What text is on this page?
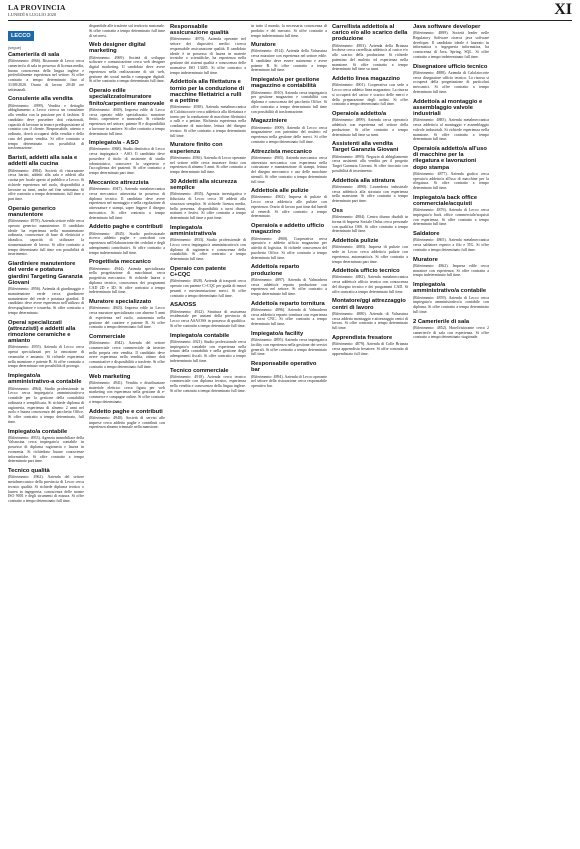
LA PROVINCIA
LUNEDÌ 6 LUGLIO 2020	XI
LECCO
(segue)
Camerieri/a di sala

(Riferimento: 4966). Ristorante di Lecco cerca camerieri/a di sala in possesso di licenza media, buona conoscenza della lingua inglese e preferibilmente esperienza nel settore. Si offre contratto a tempo determinato fino al 31/08/2020. Orario di lavoro 20/40 ore settimanali.

Consulente alla vendita

(Riferimento: 4999). Vendita e dettaglio abbigliamento a Lecco ricerca un consulente alla vendita con la passione per il fashion. Il candidato deve possedere doti relazionali, capacità di lavorare in team e predisposizione al contatto con il cliente. Responsabile, attento e ordinato, dovrà occuparsi della vendita e della cura del punto vendita. Si offre contratto a tempo determinato con possibilità di trasformazione.

Baristi, addetti alla sala e addetti alla cucina

(Riferimento: 4984). Società di ristorazione cerca baristi, addetti alla sala e addetti alla cucina per locale aperto al pubblico a Lecco. Si richiede esperienza nel ruolo, disponibilità a lavorare su turni, anche nel fine settimana. Si offre contratto a tempo determinato, full time o part time.

Operaio generico manutentore

(Riferimento: 4978). Azienda settore edile cerca operaio generico manutentore. Il candidato ideale ha esperienza nella manutenzione ordinaria, conoscenze di base di elettricità e idraulica, capacità di utilizzare la strumentazione di lavoro. Si offre contratto a tempo determinato full time con possibilità di inserimento.

Giardiniere manutentore del verde e potatura giardini Targeting Garanzia Giovani

(Riferimento: 4956). Azienda di giardinaggio e manutenzione verde cerca giardiniere manutentore del verde e potatura giardini. Il candidato deve avere esperienza nell'utilizzo di decespugliatore e tosaerba. Si offre contratto a tempo determinato.

Operai specializzati (attrezzisti) e addetti alla rimozione ceramiche e amianto

(Riferimento: 4955). Azienda di Lecco cerca operai specializzati per la rimozione di ceramiche e amianto. Si richiede esperienza nella mansione e patente B. Si offre contratto a tempo determinato con possibilità di proroga.

Impiegato/a amministrativo-a contabile

(Riferimento: 4964). Studio professionale in Lecco cerca impiegato/a amministrativo-a contabile per la gestione della contabilità ordinaria e semplificata. Si richiede diploma di ragioneria, esperienza di almeno 2 anni nel ruolo e buona conoscenza del pacchetto Office. Si offre contratto a tempo determinato, full time.

Impiegato/a contabile

(Riferimento: 4953). Agenzia immobiliare della Valsassina cerca impiegato/a contabile in possesso di diploma ragioneria e laurea in economia. Si richiedono buone conoscenze informatiche. Si offre contratto a tempo determinato part time.

Tecnico qualità

(Riferimento: 4962). Azienda del settore metalmeccanico della provincia di Lecco cerca tecnico qualità. Si richiede diploma tecnico o laurea in ingegneria, conoscenza delle norme ISO 9001 e degli strumenti di misura. Si offre contratto a tempo determinato full time.

disponibile alle trasferte sul territorio nazionale. Si offre contratto a tempo determinato full time di sei mesi.

Web designer digital marketing

(Riferimento: 4969). Società di sviluppo software e comunicazione cerca web designer digital marketing. Il candidato deve avere esperienza nella realizzazione di siti web, gestione dei social media e campagne digitali. Si offre contratto a tempo determinato full time.

Operaio edile specializzato/muratore finito/carpentiere manovale

(Riferimento: 4949). Impresa edile di Lecco cerca operaio edile specializzato, muratore finito, carpentiere o manovale. Si richiede esperienza nel settore, patente B e disponibilità a lavorare in cantiere. Si offre contratto a tempo determinato full time.

Impiegato/a - ASO

(Riferimento: 4968). Studio dentistico di Lecco cerca impiegato/a - ASO. Il candidato deve possedere il titolo di assistente di studio odontoiatrico, conoscere la segreteria e l'accoglienza dei pazienti. Si offre contratto a tempo determinato part time.

Meccanico attrezzista

(Riferimento: 4947). Azienda metalmeccanica cerca meccanico attrezzista in possesso di diploma tecnico. Il candidato deve avere esperienza nel montaggio e nella regolazione di attrezzature e stampi, saper leggere il disegno meccanico. Si offre contratto a tempo determinato full time.

Addetto paghe e contributi

(Riferimento: 4945). Studio professionale ricerca addetto paghe e contributi con esperienza nell'elaborazione dei cedolini e degli adempimenti contributivi. Si offre contratto a tempo indeterminato full time.

Progettista meccanico

(Riferimento: 4944). Azienda specializzata nella progettazione di macchinari cerca progettista meccanico. Si richiede laurea o diploma tecnico, conoscenza dei programmi CAD 2D e 3D. Si offre contratto a tempo indeterminato full time.

Muratore specializzato

(Riferimento: 4943). Impresa edile in Lecco cerca muratore specializzato con almeno 5 anni di esperienza nel ruolo, autonomia nella gestione del cantiere e patente B. Si offre contratto a tempo determinato full time.

Commerciale

(Riferimento: 4942). Azienda del settore commerciale cerca commerciale da inserire nella propria rete vendita. Il candidato deve avere esperienza nella vendita, ottime doti comunicative e disponibilità a trasferte. Si offre contratto a tempo determinato full time.

Web marketing

(Riferimento: 4941). Vendita e distribuzione materiale elettrico cerca figura per web marketing con esperienza nella gestione di e-commerce e campagne online. Si offre contratto a tempo determinato.

Addetto paghe e contributi

(Riferimento: 4940). Società di servizi alle imprese cerca addetto paghe e contributi con esperienza almeno triennale nella mansione.

Responsabile assicurazione qualità

(Riferimento: 4970). Azienda operante nel settore dei dispositivi medici ricerca responsabile assicurazione qualità. Il candidato ideale è in possesso di laurea in materie tecniche o scientifiche, ha esperienza nella gestione dei sistemi qualità e conoscenza delle normative ISO 13485. Si offre contratto a tempo indeterminato full time.

Addetto/a alla filettatura e tornio per la conduzione di macchine filettatrici a rulli e a pettine

(Riferimento: 4938). Azienda metalmeccanica di Calolziocorte cerca addetto/a alla filettatura e tornio per la conduzione di macchine filettatrici a rulli e a pettine. Richiesta esperienza nella conduzione di macchine, lettura del disegno tecnico. Si offre contratto a tempo determinato full time.

Muratore finito con esperienza

(Riferimento: 4936). Azienda di Lecco operante nel settore edile cerca muratore finito con esperienza di almeno 5 anni. Si offre contratto a tempo determinato full time.

30 Addetti alla sicurezza semplice

(Riferimento: 4935). Agenzia investigativa e fiduciaria di Lecco cerca 30 addetti alla sicurezza semplice. Si richiede licenza media, bella presenza, disponibilità a turni diurni, notturni e festivi. Si offre contratto a tempo determinato full time o part time.

Impiegato/a amministrativo/a

(Riferimento: 4933). Studio professionale di Lecco cerca impiegato/a amministrativo/a con diploma di ragioneria e conoscenza della contabilità. Si offre contratto a tempo determinato full time.

Operaio con patente C+CQC

(Riferimento: 4928). Azienda di trasporti cerca operaio con patente C+CQC per guida di mezzi pesanti e movimentazione merci. Si offre contratto a tempo determinato full time.

ASA/OSS

(Riferimento: 4922). Struttura di assistenza residenziale per anziani della provincia di Lecco cerca ASA/OSS in possesso di qualifica. Si offre contratto a tempo determinato full time.

Impiegato/a contabile

(Riferimento: 4921). Studio professionale cerca impiegato/a contabile con esperienza nella tenuta della contabilità e nella gestione degli adempimenti fiscali. Si offre contratto a tempo indeterminato full time.

Tecnico commerciale

(Riferimento: 4918). Azienda cerca tecnico commerciale con diploma tecnico, esperienza nella vendita e conoscenza della lingua inglese. Si offre contratto a tempo determinato full time.

in tutto il mondo, la necessaria conoscenza di prodotto e del mercato. Si offre contratto a tempo indeterminato full time.

Muratore

(Riferimento: 4914). Azienda della Valsassina cerca muratore con esperienza nel settore edile. Il candidato deve essere autonomo e avere patente B. Si offre contratto a tempo determinato full time.

Impiegato/a per gestione magazzino e contabilità

(Riferimento: 4910). Azienda cerca impiegato/a per gestione magazzino e contabilità con diploma e conoscenza del pacchetto Office. Si offre contratto a tempo determinato full time con possibilità di trasformazione.

Magazziniere

(Riferimento: 4909). Azienda di Lecco cerca magazziniere con patentino del muletto ed esperienza nella gestione delle merci. Si offre contratto a tempo determinato full time.

Attrezzista meccanico

(Riferimento: 4905). Azienda meccanica cerca attrezzista meccanico con esperienza nella costruzione e manutenzione di stampi, lettura del disegno meccanico e uso delle macchine utensili. Si offre contratto a tempo determinato full time.

Addetto/a alle pulizie

(Riferimento: 4902). Impresa di pulizie di Lecco cerca addetto/a alle pulizie con esperienza. Orario di lavoro part time dal lunedì al venerdì. Si offre contratto a tempo determinato.

Operaio/a e addetto ufficio magazzino

(Riferimento: 4900). Cooperativa cerca operaio/a e addetto ufficio magazzino per attività di logistica. Si richiede conoscenza del pacchetto Office. Si offre contratto a tempo determinato full time.

Addetto/a reparto produzione

(Riferimento: 4897). Azienda di Valmadrera cerca addetto/a reparto produzione con esperienza nel settore. Si offre contratto a tempo determinato full time.

Addetto/a reparto tornitura

(Riferimento: 4896). Azienda di Valmadrera cerca addetto/a reparto tornitura con esperienza su torni CNC. Si offre contratto a tempo determinato full time.

Impiegato/a facility

(Riferimento: 4895). Azienda cerca impiegato/a facility con esperienza nella gestione dei servizi generali. Si offre contratto a tempo determinato full time.

Responsabile operativo bar

(Riferimento: 4894). Azienda di Lecco operante nel settore della ristorazione cerca responsabile operativo bar.

Carrellista addetto/a al carico e/o allo scarico della produzione

(Riferimento: 4903). Azienda della Brianza lecchese cerca carrellista addetto/a al carico e/o allo scarico della produzione. Si richiede patentino del muletto ed esperienza nella mansione. Si offre contratto a tempo determinato full time su turni.

Addetto linea magazzino

(Riferimento: 4901). Cooperativa con sede a Lecco cerca addetto linea magazzino. La risorsa si occuperà del carico e scarico delle merci e della preparazione degli ordini. Si offre contratto a tempo determinato full time.

Operaio/a addetto/a

(Riferimento: 4899). Azienda cerca operaio/a addetto/a con esperienza nel settore della produzione. Si offre contratto a tempo determinato full time su turni.

Assistenti alla vendita Target Garanzia Giovani

(Riferimento: 4893). Negozio di abbigliamento cerca assistenti alla vendita per il progetto Target Garanzia Giovani. Si offre tirocinio con possibilità di inserimento.

Addetto/a alla stiratura

(Riferimento: 4890). Lavanderia industriale cerca addetto/a alla stiratura con esperienza nella mansione. Si offre contratto a tempo determinato part time.

Oss

(Riferimento: 4884). Centro diurno disabili in forma di Impresa Sociale Onlus cerca personale con qualifica OSS. Si offre contratto a tempo determinato full time.

Addetto/a pulizie

(Riferimento: 4883). Impresa di pulizie con sede in Lecco cerca addetto/a pulizie con esperienza, automunito/a. Si offre contratto a tempo determinato part time.

Addetto/a ufficio tecnico

(Riferimento: 4882). Azienda metalmeccanica cerca addetto/a ufficio tecnico con conoscenza del disegno tecnico e dei programmi CAD. Si offre contratto a tempo determinato full time.

Montatore/ggi attrezzaggio centri di lavoro

(Riferimento: 4880). Azienda di Valsassina cerca addetto montaggio e attrezzaggio centri di lavoro. Si offre contratto a tempo determinato full time.

Apprendista fresatore

(Riferimento: 4879). Azienda di Colle Brianza cerca apprendista fresatore. Si offre contratto di apprendistato full time.

Java software developer

(Riferimento: 4889). Società leader nelle Regulatory Software ricerca java software developer. Il candidato ideale è laureato in informatica o ingegneria informatica, ha conoscenza di Java, Spring, SQL. Si offre contratto a tempo indeterminato full time.

Disegnatore ufficio tecnico

(Riferimento: 4888). Azienda di Calolziocorte cerca disegnatore ufficio tecnico. La risorsa si occuperà della progettazione di particolari meccanici. Si offre contratto a tempo determinato full time.

Addetto/a al montaggio e assemblaggio valvole industriali

(Riferimento: 4885). Azienda metalmeccanica cerca addetto/a al montaggio e assemblaggio valvole industriali. Si richiede esperienza nella mansione. Si offre contratto a tempo determinato full time.

Operaio/a addetto/a all'uso di macchine per la rilegatura e lavorazioni dopo stampa

(Riferimento: 4877). Azienda grafica cerca operaio/a addetto/a all'uso di macchine per la rilegatura. Si offre contratto a tempo determinato full time.

Impiegato/a back office commerciale/acquisti

(Riferimento: 4876). Azienda di Lecco cerca impiegato/a back office commerciale/acquisti con esperienza. Si offre contratto a tempo determinato full time.

Saldatore

(Riferimento: 4865). Azienda metalmeccanica cerca saldatore esperto a filo e TIG. Si offre contratto a tempo determinato full time.

Muratore

(Riferimento: 4862). Impresa edile cerca muratore con esperienza. Si offre contratto a tempo indeterminato full time.

Impiegato/a amministrativo/a contabile

(Riferimento: 4859). Azienda di Lecco cerca impiegato/a amministrativo/a contabile con diploma. Si offre contratto a tempo determinato full time.

2 Camerieri/e di sala

(Riferimento: 4852). Hotel/ristorante cerca 2 camerieri/e di sala con esperienza. Si offre contratto a tempo determinato stagionale.
